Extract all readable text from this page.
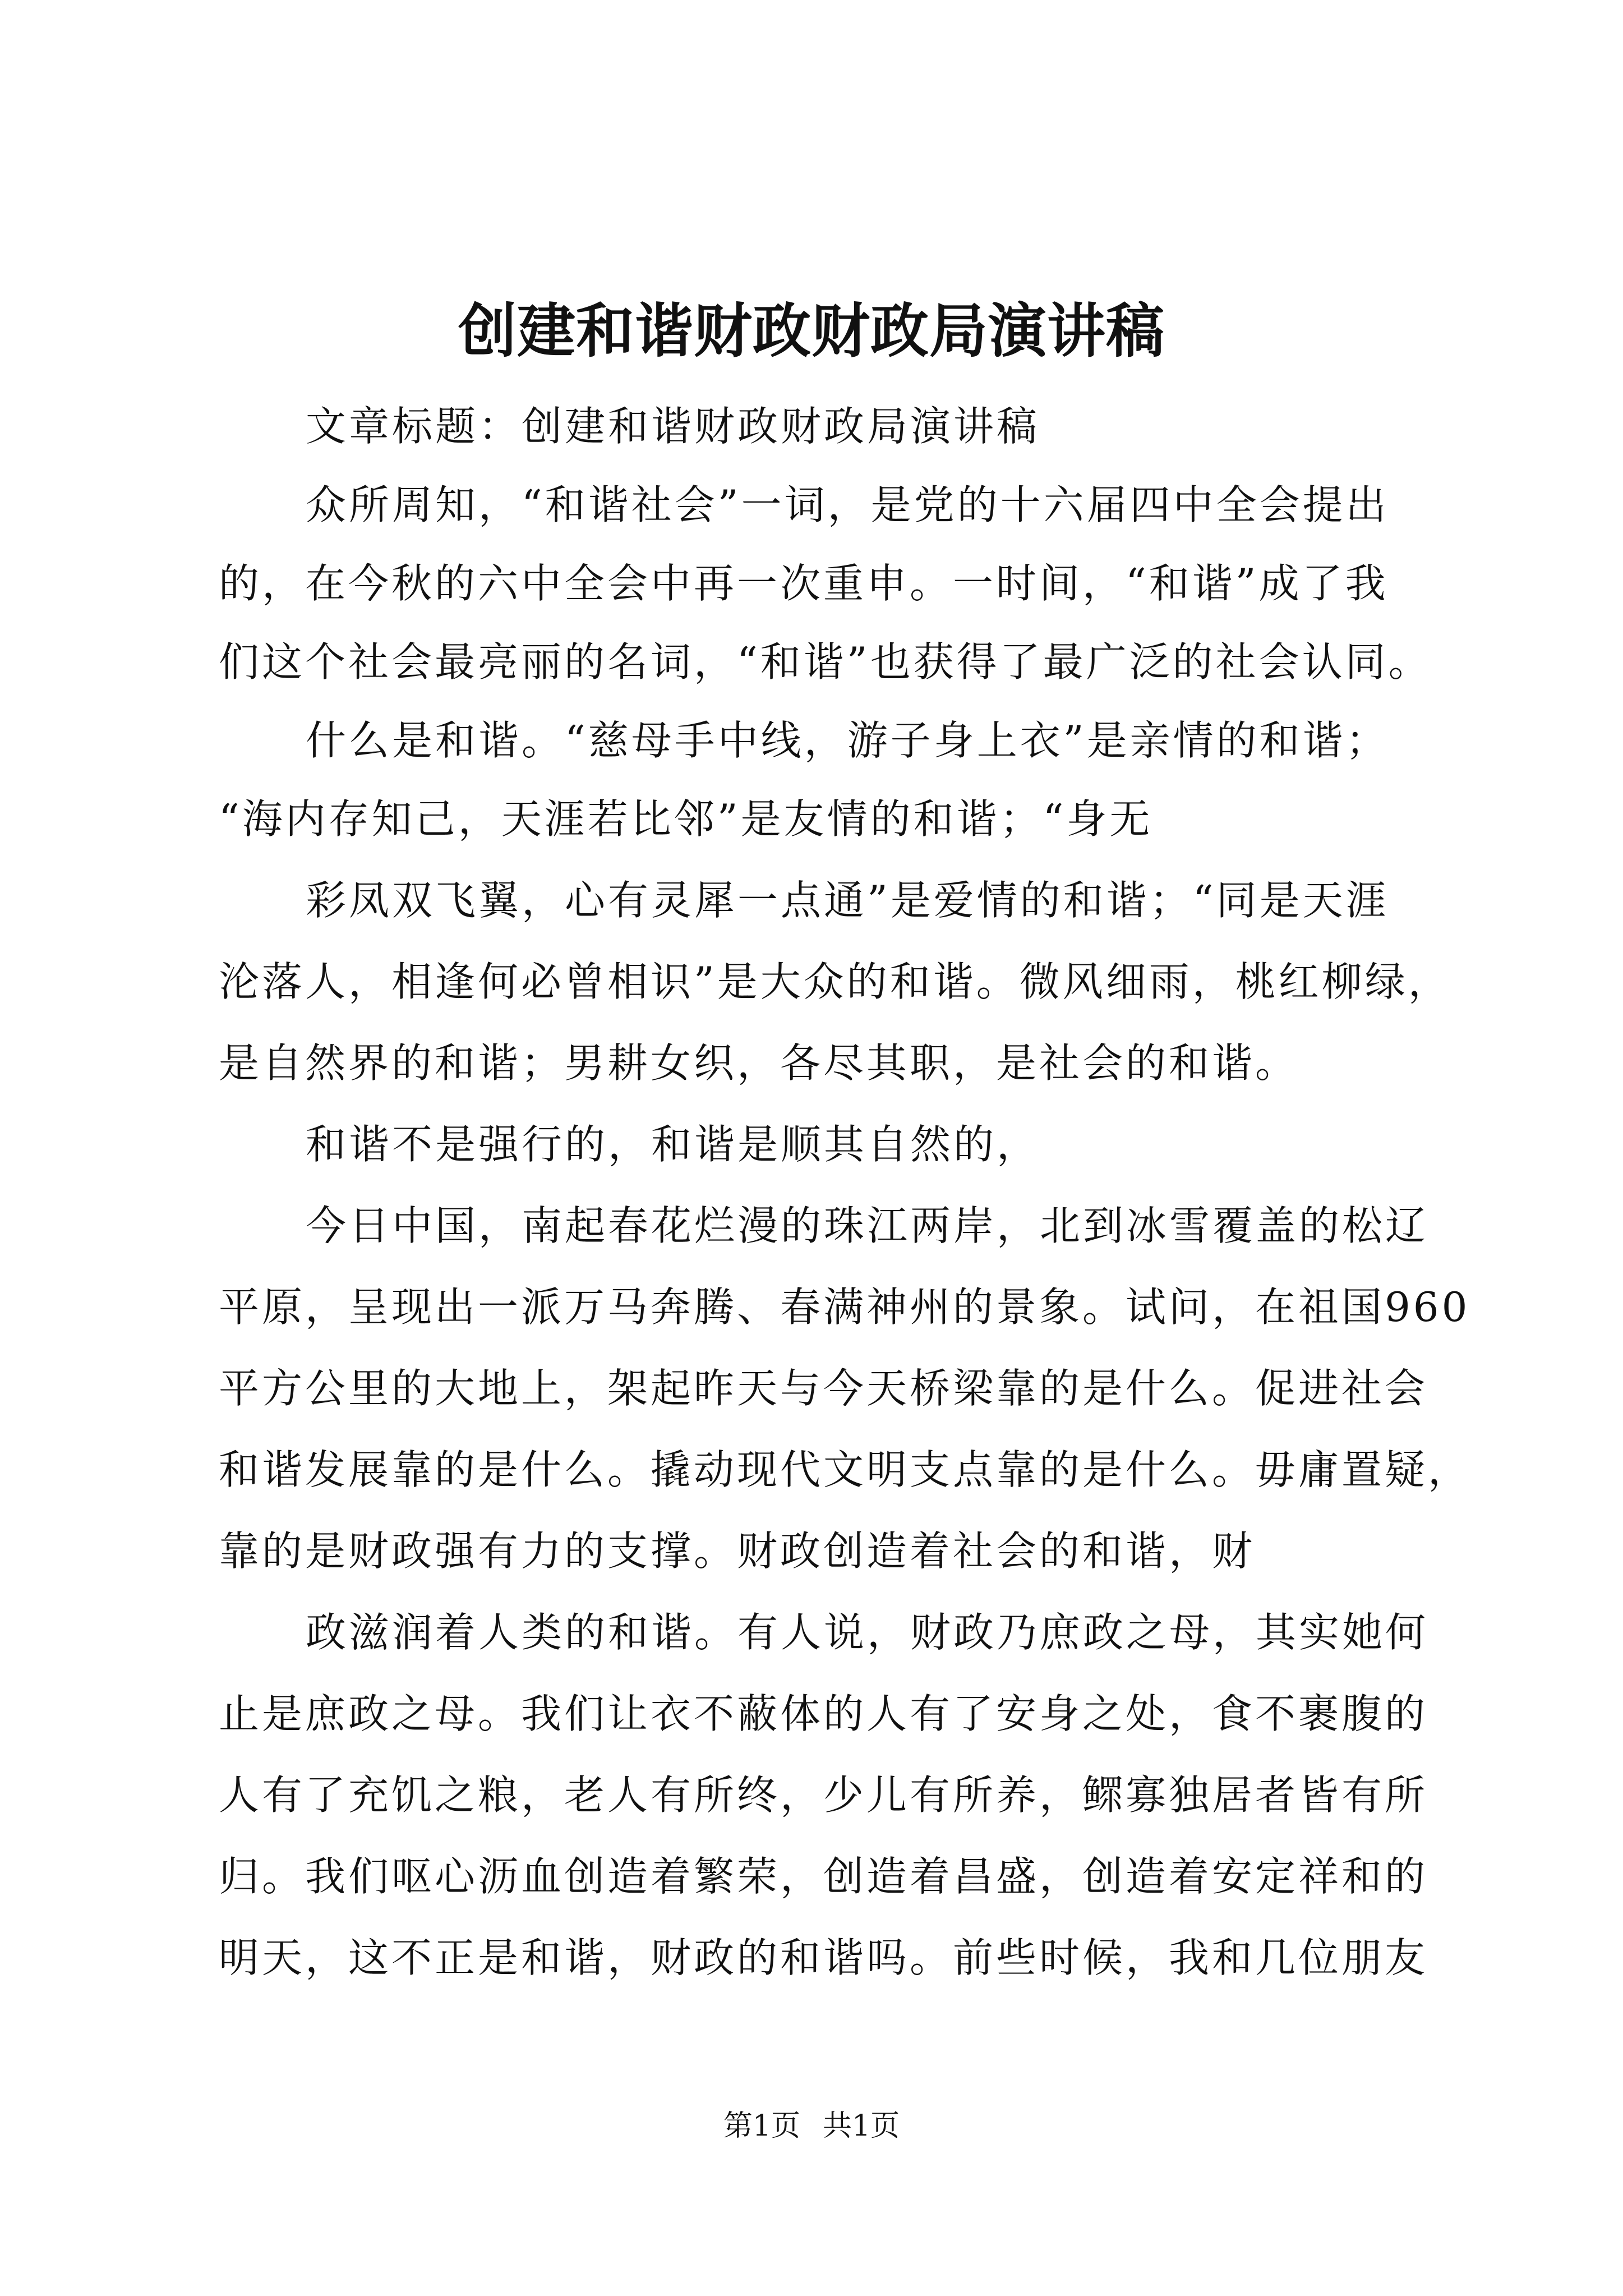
创建和谐财政财政局演讲稿
文章标题：创建和谐财政财政局演讲稿
众所周知，“和谐社会”一词，是党的十六届四中全会提出
的，在今秋的六中全会中再一次重申。一时间，“和谐”成了我
们这个社会最亮丽的名词，“和谐”也获得了最广泛的社会认同。
什么是和谐。“慈母手中线，游子身上衣”是亲情的和谐；
“海内存知己，天涯若比邻”是友情的和谐；“身无
彩凤双飞翼，心有灵犀一点通”是爱情的和谐；“同是天涯
沦落人，相逢何必曾相识”是大众的和谐。微风细雨，桃红柳绿，
是自然界的和谐；男耕女织，各尽其职，是社会的和谐。
和谐不是强行的，和谐是顺其自然的，
今日中国，南起春花烂漫的珠江两岸，北到冰雪覆盖的松辽
平原，呈现出一派万马奔腾、春满神州的景象。试问，在祖国960
平方公里的大地上，架起昨天与今天桥梁靠的是什么。促进社会
和谐发展靠的是什么。撬动现代文明支点靠的是什么。毋庸置疑，
靠的是财政强有力的支撑。财政创造着社会的和谐，财
政滋润着人类的和谐。有人说，财政乃庶政之母，其实她何
止是庶政之母。我们让衣不蔽体的人有了安身之处，食不裹腹的
人有了充饥之粮，老人有所终，少儿有所养，鳏寡独居者皆有所
归。我们呕心沥血创造着繁荣，创造着昌盛，创造着安定祥和的
明天，这不正是和谐，财政的和谐吗。前些时候，我和几位朋友
第1页 共1页
